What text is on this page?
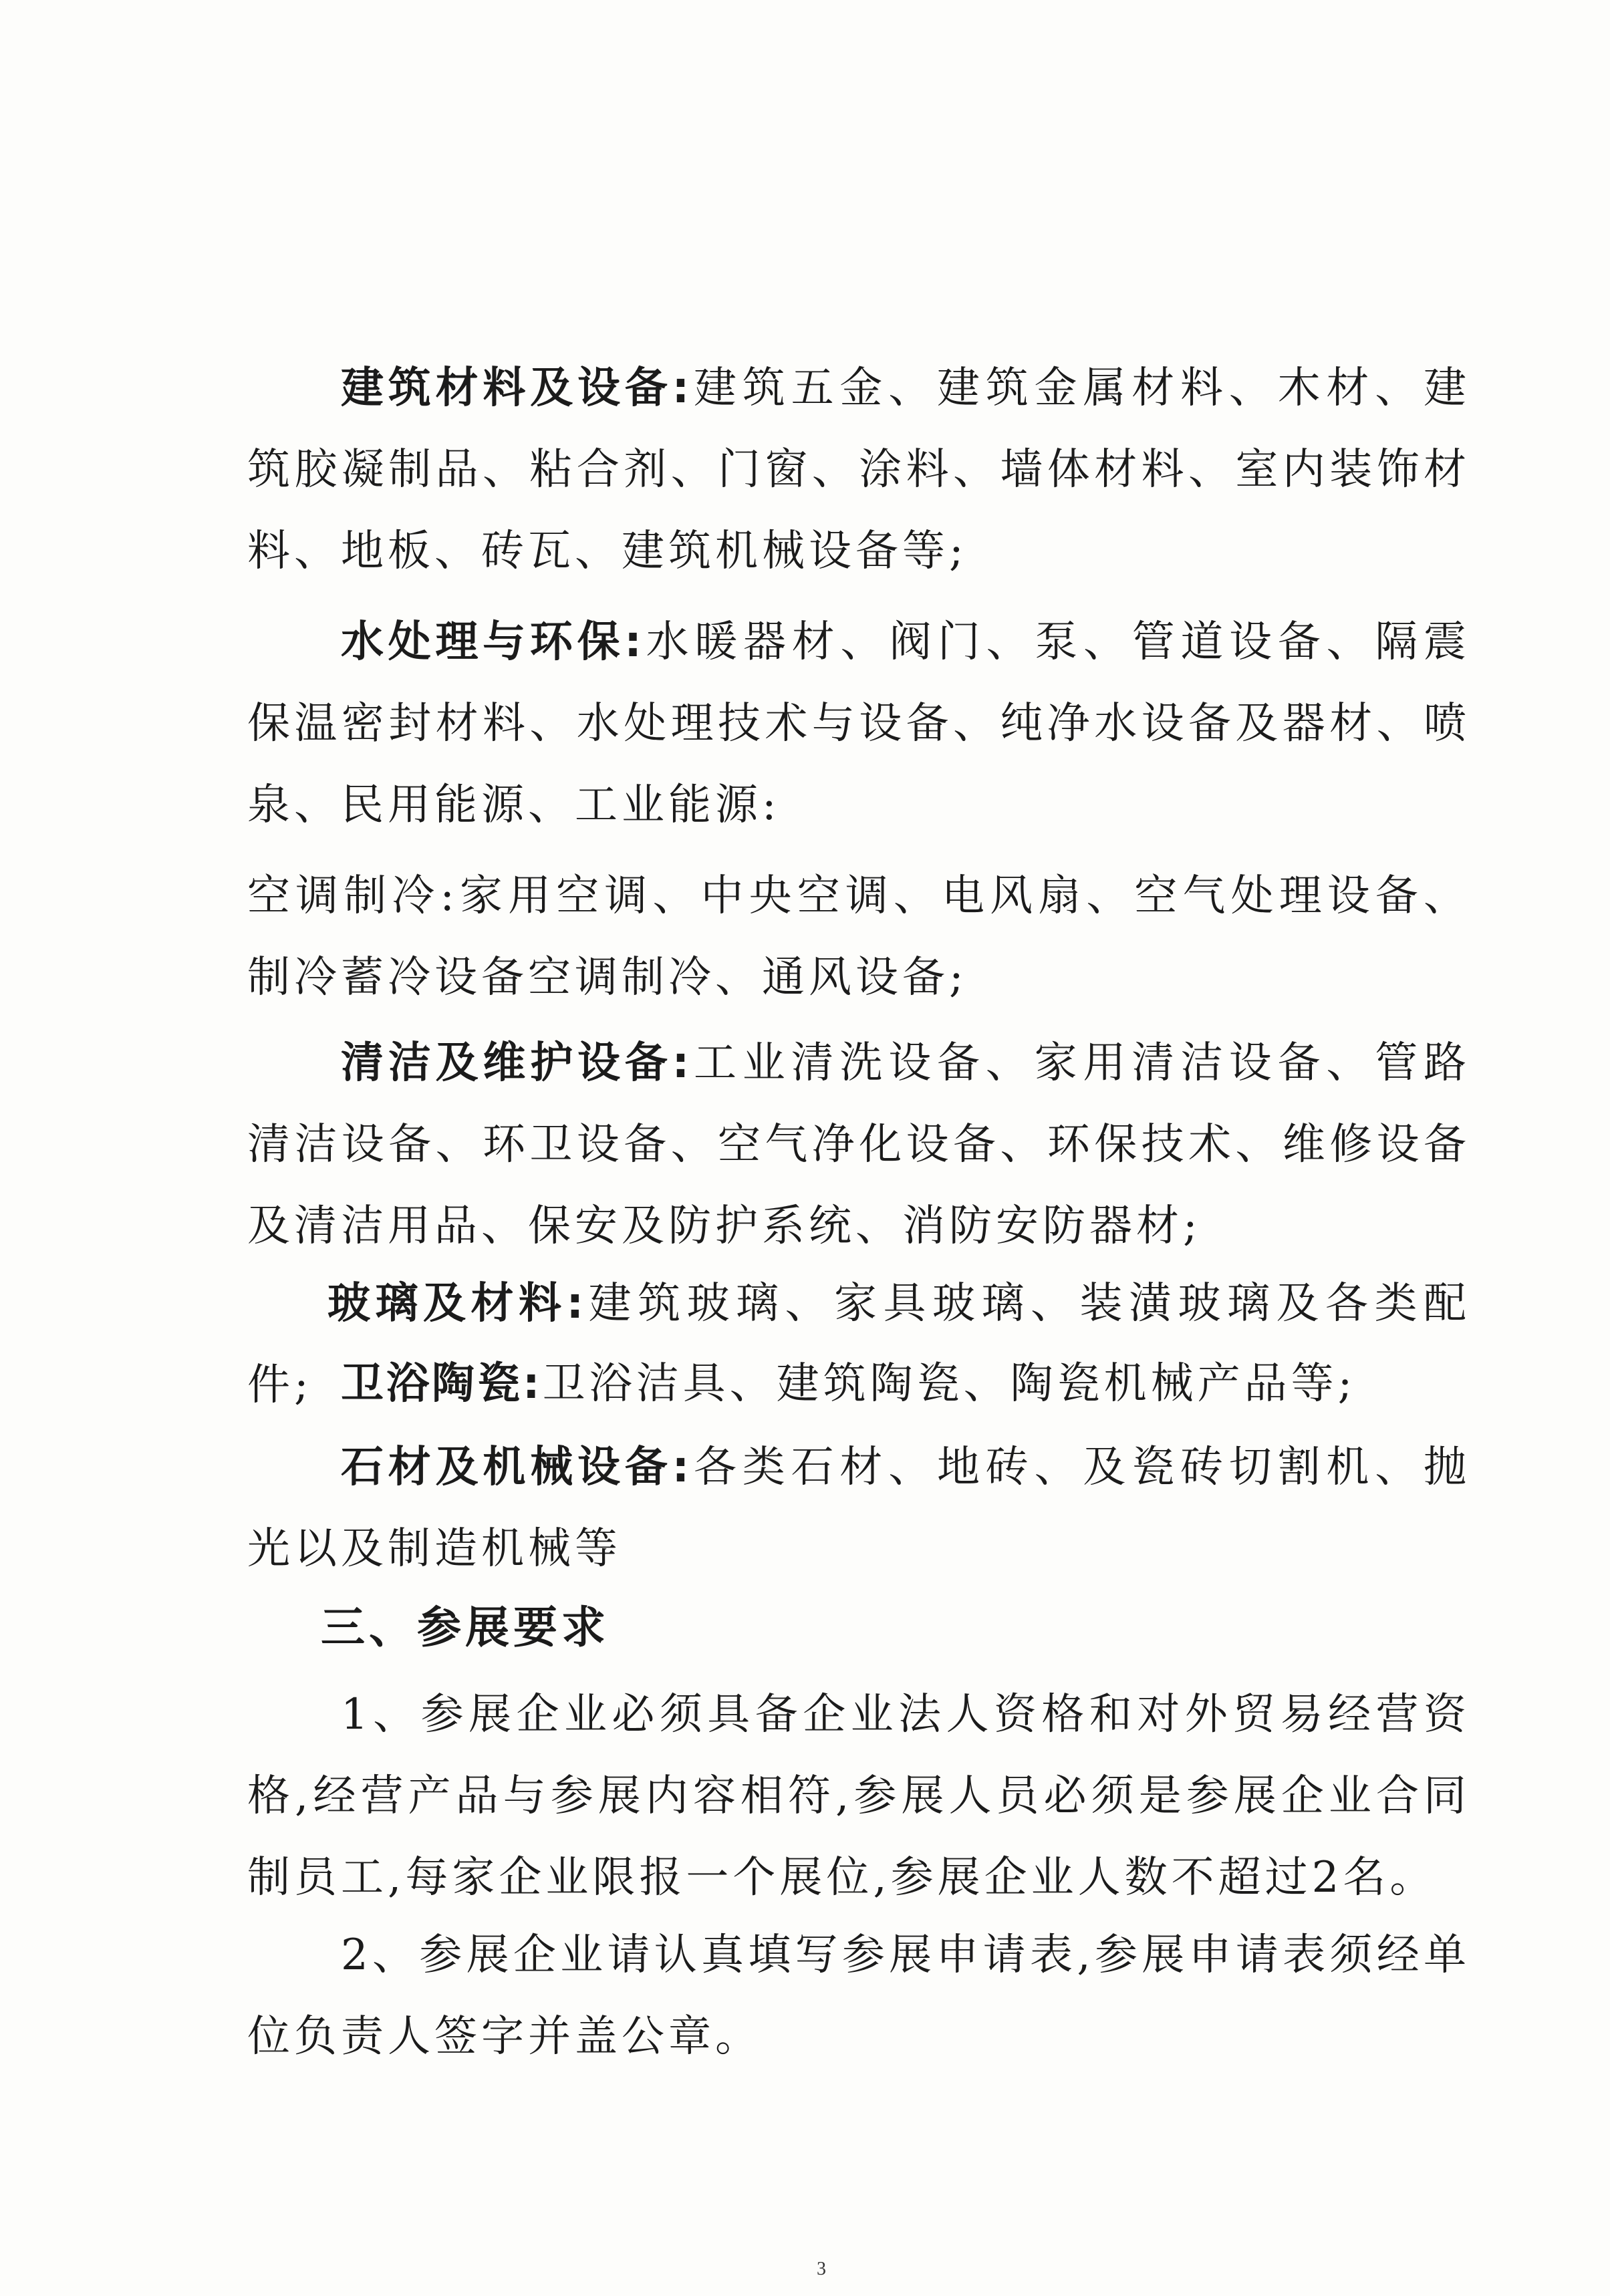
建筑材料及设备:建筑五金、建筑金属材料、木材、建筑胶凝制品、粘合剂、门窗、涂料、墙体材料、室内装饰材料、地板、砖瓦、建筑机械设备等;

水处理与环保:水暖器材、阀门、泵、管道设备、隔震保温密封材料、水处理技术与设备、纯净水设备及器材、喷泉、民用能源、工业能源:

空调制冷:家用空调、中央空调、电风扇、空气处理设备、制冷蓄冷设备空调制冷、通风设备;

清洁及维护设备:工业清洗设备、家用清洁设备、管路清洁设备、环卫设备、空气净化设备、环保技术、维修设备及清洁用品、保安及防护系统、消防安防器材;

玻璃及材料:建筑玻璃、家具玻璃、装潢玻璃及各类配件; 卫浴陶瓷:卫浴洁具、建筑陶瓷、陶瓷机械产品等;

石材及机械设备:各类石材、地砖、及瓷砖切割机、抛光以及制造机械等

三、参展要求

1、参展企业必须具备企业法人资格和对外贸易经营资格,经营产品与参展内容相符,参展人员必须是参展企业合同制员工,每家企业限报一个展位,参展企业人数不超过2名。

2、参展企业请认真填写参展申请表,参展申请表须经单位负责人签字并盖公章。

3
